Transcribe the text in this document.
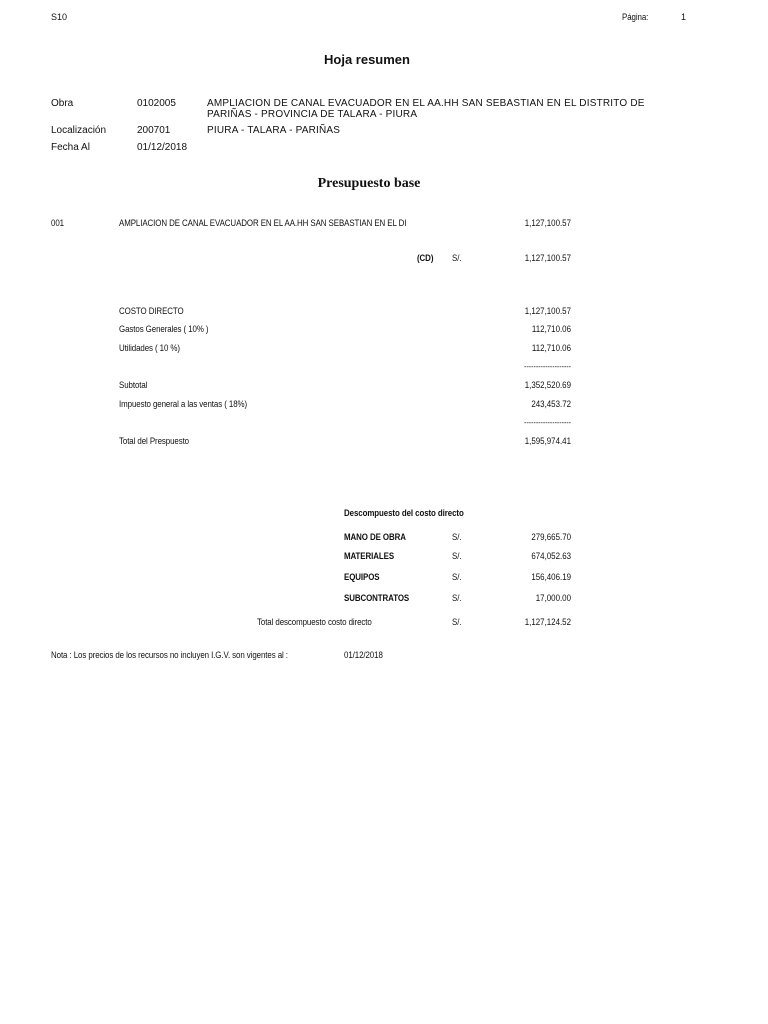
S10	Página:	1
Hoja resumen
Obra	0102005	AMPLIACION DE CANAL EVACUADOR EN EL AA.HH SAN SEBASTIAN EN EL DISTRITO DE
PARIÑAS - PROVINCIA DE TALARA - PIURA
Localización	200701	PIURA - TALARA - PARIÑAS
Fecha Al	01/12/2018
Presupuesto base
001	AMPLIACION DE CANAL EVACUADOR EN EL AA.HH SAN SEBASTIAN EN EL DI	1,127,100.57
(CD) S/.	1,127,100.57
COSTO DIRECTO	1,127,100.57
Gastos Generales ( 10% )	112,710.06
Utilidades ( 10 %)	112,710.06
--------------------
Subtotal	1,352,520.69
Impuesto general a las ventas ( 18%)	243,453.72
--------------------
Total del Prespuesto	1,595,974.41
Descompuesto del costo directo
MANO DE OBRA	S/.	279,665.70
MATERIALES	S/.	674,052.63
EQUIPOS	S/.	156,406.19
SUBCONTRATOS	S/.	17,000.00
Total descompuesto costo directo	S/.	1,127,124.52
Nota : Los precios de los recursos no incluyen I.G.V. son vigentes al :	01/12/2018
